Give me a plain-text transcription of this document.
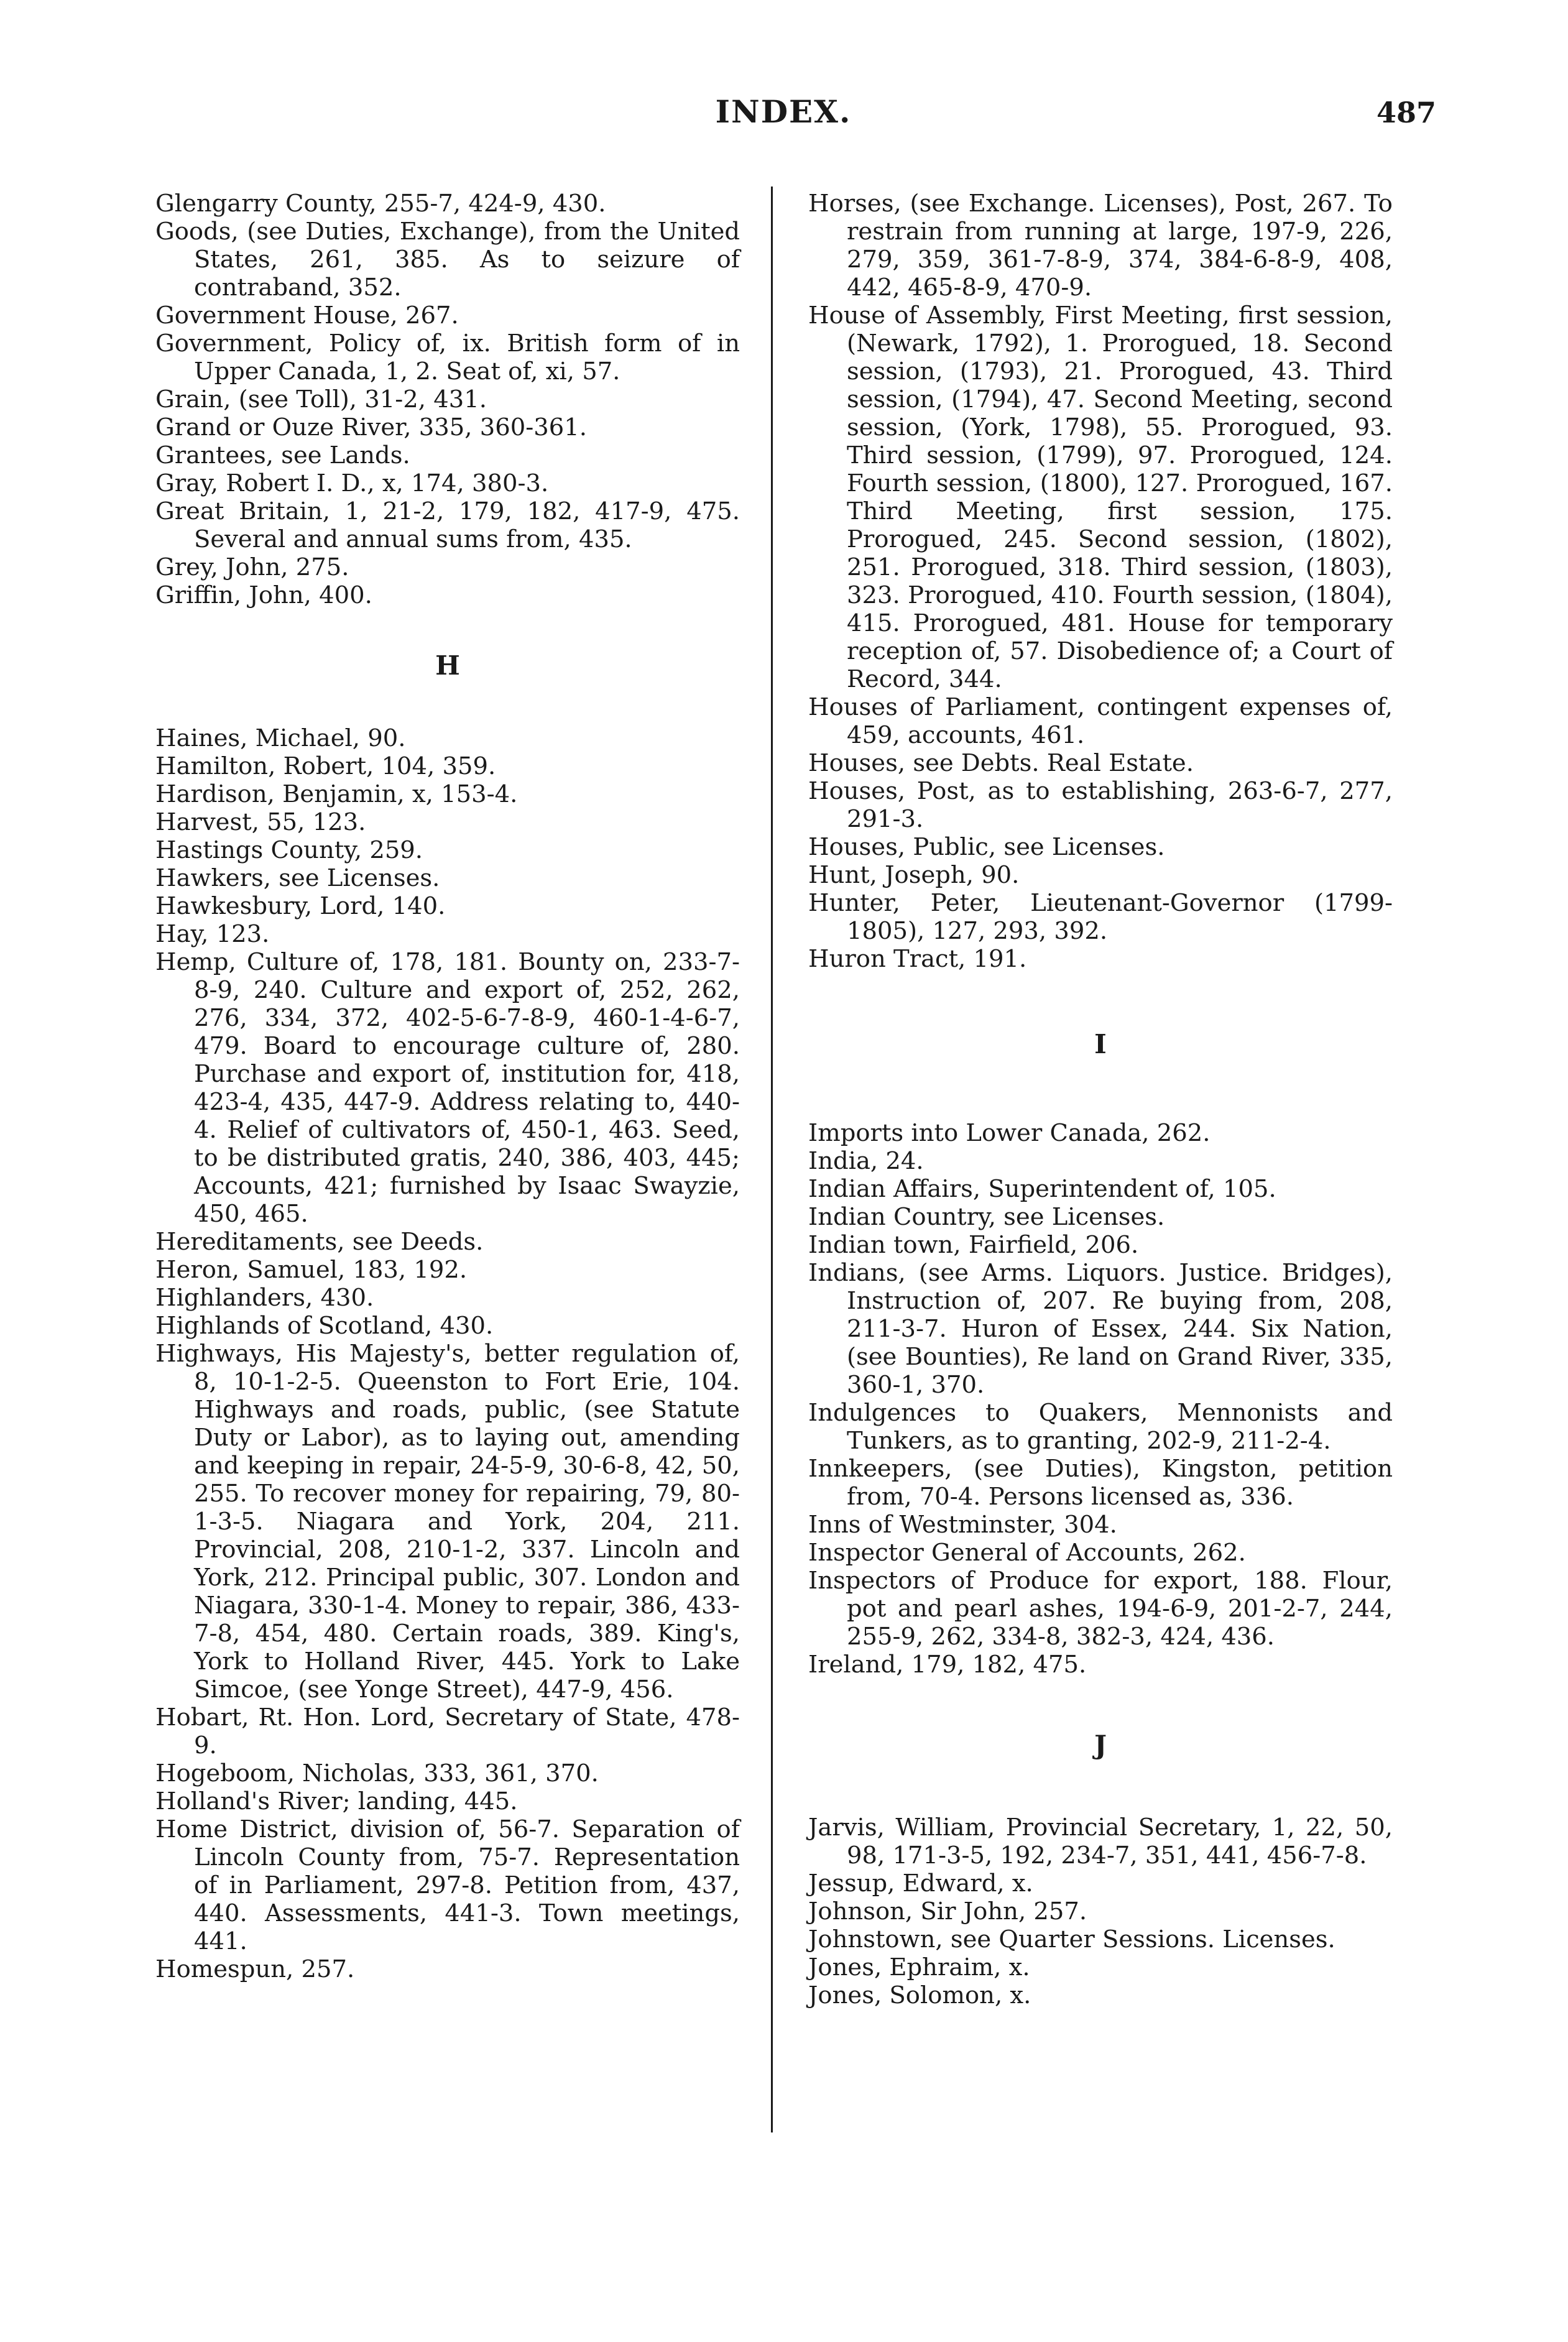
INDEX.	487

Glengarry County, 255-7, 424-9, 430.

Goods, (see Duties, Exchange), from the United States, 261, 385. As to seizure of contraband, 352.

Government House, 267.

Government, Policy of, ix. British form of in Upper Canada, 1, 2. Seat of, xi, 57.

Grain, (see Toll), 31-2, 431.

Grand or Ouze River, 335, 360-361.

Grantees, see Lands.

Gray, Robert I. D., x, 174, 380-3.

Great Britain, 1, 21-2, 179, 182, 417-9, 475. Several and annual sums from, 435.

Grey, John, 275.

Griffin, John, 400.

H

Haines, Michael, 90.

Hamilton, Robert, 104, 359.

Hardison, Benjamin, x, 153-4.

Harvest, 55, 123.

Hastings County, 259.

Hawkers, see Licenses.

Hawkesbury, Lord, 140.

Hay, 123.

Hemp, Culture of, 178, 181. Bounty on, 233-7-8-9, 240. Culture and export of, 252, 262, 276, 334, 372, 402-5-6-7-8-9, 460-1-4-6-7, 479. Board to encourage culture of, 280. Purchase and export of, institution for, 418, 423-4, 435, 447-9. Address relating to, 440-4. Relief of cultivators of, 450-1, 463. Seed, to be distributed gratis, 240, 386, 403, 445; Accounts, 421; furnished by Isaac Swayzie, 450, 465.

Hereditaments, see Deeds.

Heron, Samuel, 183, 192.

Highlanders, 430.

Highlands of Scotland, 430.

Highways, His Majesty's, better regulation of, 8, 10-1-2-5. Queenston to Fort Erie, 104. Highways and roads, public, (see Statute Duty or Labor), as to laying out, amending and keeping in repair, 24-5-9, 30-6-8, 42, 50, 255. To recover money for repairing, 79, 80-1-3-5. Niagara and York, 204, 211. Provincial, 208, 210-1-2, 337. Lincoln and York, 212. Principal public, 307. London and Niagara, 330-1-4. Money to repair, 386, 433-7-8, 454, 480. Certain roads, 389. King's, York to Holland River, 445. York to Lake Simcoe, (see Yonge Street), 447-9, 456.

Hobart, Rt. Hon. Lord, Secretary of State, 478-9.

Hogeboom, Nicholas, 333, 361, 370.

Holland's River; landing, 445.

Home District, division of, 56-7. Separation of Lincoln County from, 75-7. Representation of in Parliament, 297-8. Petition from, 437, 440. Assessments, 441-3. Town meetings, 441.

Homespun, 257.

Horses, (see Exchange. Licenses), Post, 267. To restrain from running at large, 197-9, 226, 279, 359, 361-7-8-9, 374, 384-6-8-9, 408, 442, 465-8-9, 470-9.

House of Assembly, First Meeting, first session, (Newark, 1792), 1. Prorogued, 18. Second session, (1793), 21. Prorogued, 43. Third session, (1794), 47. Second Meeting, second session, (York, 1798), 55. Prorogued, 93. Third session, (1799), 97. Prorogued, 124. Fourth session, (1800), 127. Prorogued, 167. Third Meeting, first session, 175. Prorogued, 245. Second session, (1802), 251. Prorogued, 318. Third session, (1803), 323. Prorogued, 410. Fourth session, (1804), 415. Prorogued, 481. House for temporary reception of, 57. Disobedience of; a Court of Record, 344.

Houses of Parliament, contingent expenses of, 459, accounts, 461.

Houses, see Debts. Real Estate.

Houses, Post, as to establishing, 263-6-7, 277, 291-3.

Houses, Public, see Licenses.

Hunt, Joseph, 90.

Hunter, Peter, Lieutenant-Governor (1799-1805), 127, 293, 392.

Huron Tract, 191.

I

Imports into Lower Canada, 262.

India, 24.

Indian Affairs, Superintendent of, 105.

Indian Country, see Licenses.

Indian town, Fairfield, 206.

Indians, (see Arms. Liquors. Justice. Bridges), Instruction of, 207. Re buying from, 208, 211-3-7. Huron of Essex, 244. Six Nation, (see Bounties), Re land on Grand River, 335, 360-1, 370.

Indulgences to Quakers, Mennonists and Tunkers, as to granting, 202-9, 211-2-4.

Innkeepers, (see Duties), Kingston, petition from, 70-4. Persons licensed as, 336.

Inns of Westminster, 304.

Inspector General of Accounts, 262.

Inspectors of Produce for export, 188. Flour, pot and pearl ashes, 194-6-9, 201-2-7, 244, 255-9, 262, 334-8, 382-3, 424, 436.

Ireland, 179, 182, 475.

J

Jarvis, William, Provincial Secretary, 1, 22, 50, 98, 171-3-5, 192, 234-7, 351, 441, 456-7-8.

Jessup, Edward, x.

Johnson, Sir John, 257.

Johnstown, see Quarter Sessions. Licenses.

Jones, Ephraim, x.

Jones, Solomon, x.
